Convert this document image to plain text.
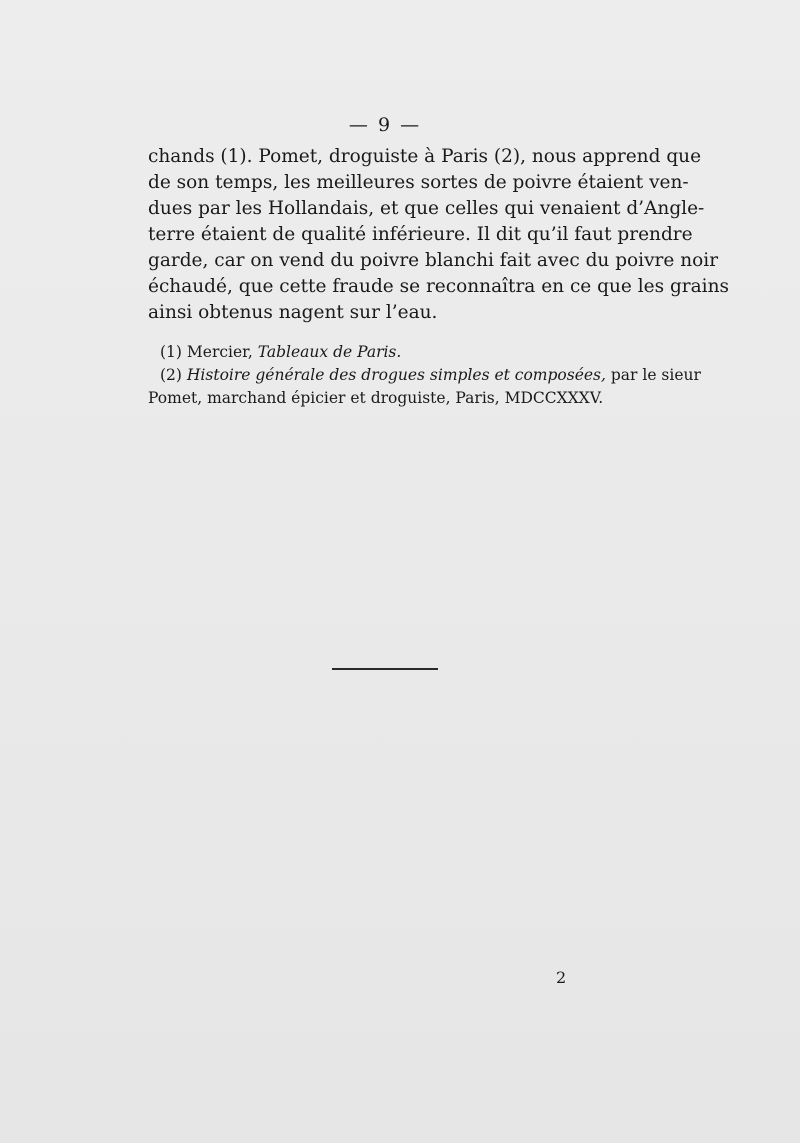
— 9 —
chands (1). Pomet, droguiste à Paris (2), nous apprend que
de son temps, les meilleures sortes de poivre étaient ven-
dues par les Hollandais, et que celles qui venaient d’Angle-
terre étaient de qualité inférieure. Il dit qu’il faut prendre
garde, car on vend du poivre blanchi fait avec du poivre noir
échaudé, que cette fraude se reconnaîtra en ce que les grains
ainsi obtenus nagent sur l’eau.
(1) Mercier, Tableaux de Paris.
(2) Histoire générale des drogues simples et composées, par le sieur
Pomet, marchand épicier et droguiste, Paris, MDCCXXXV.
2
